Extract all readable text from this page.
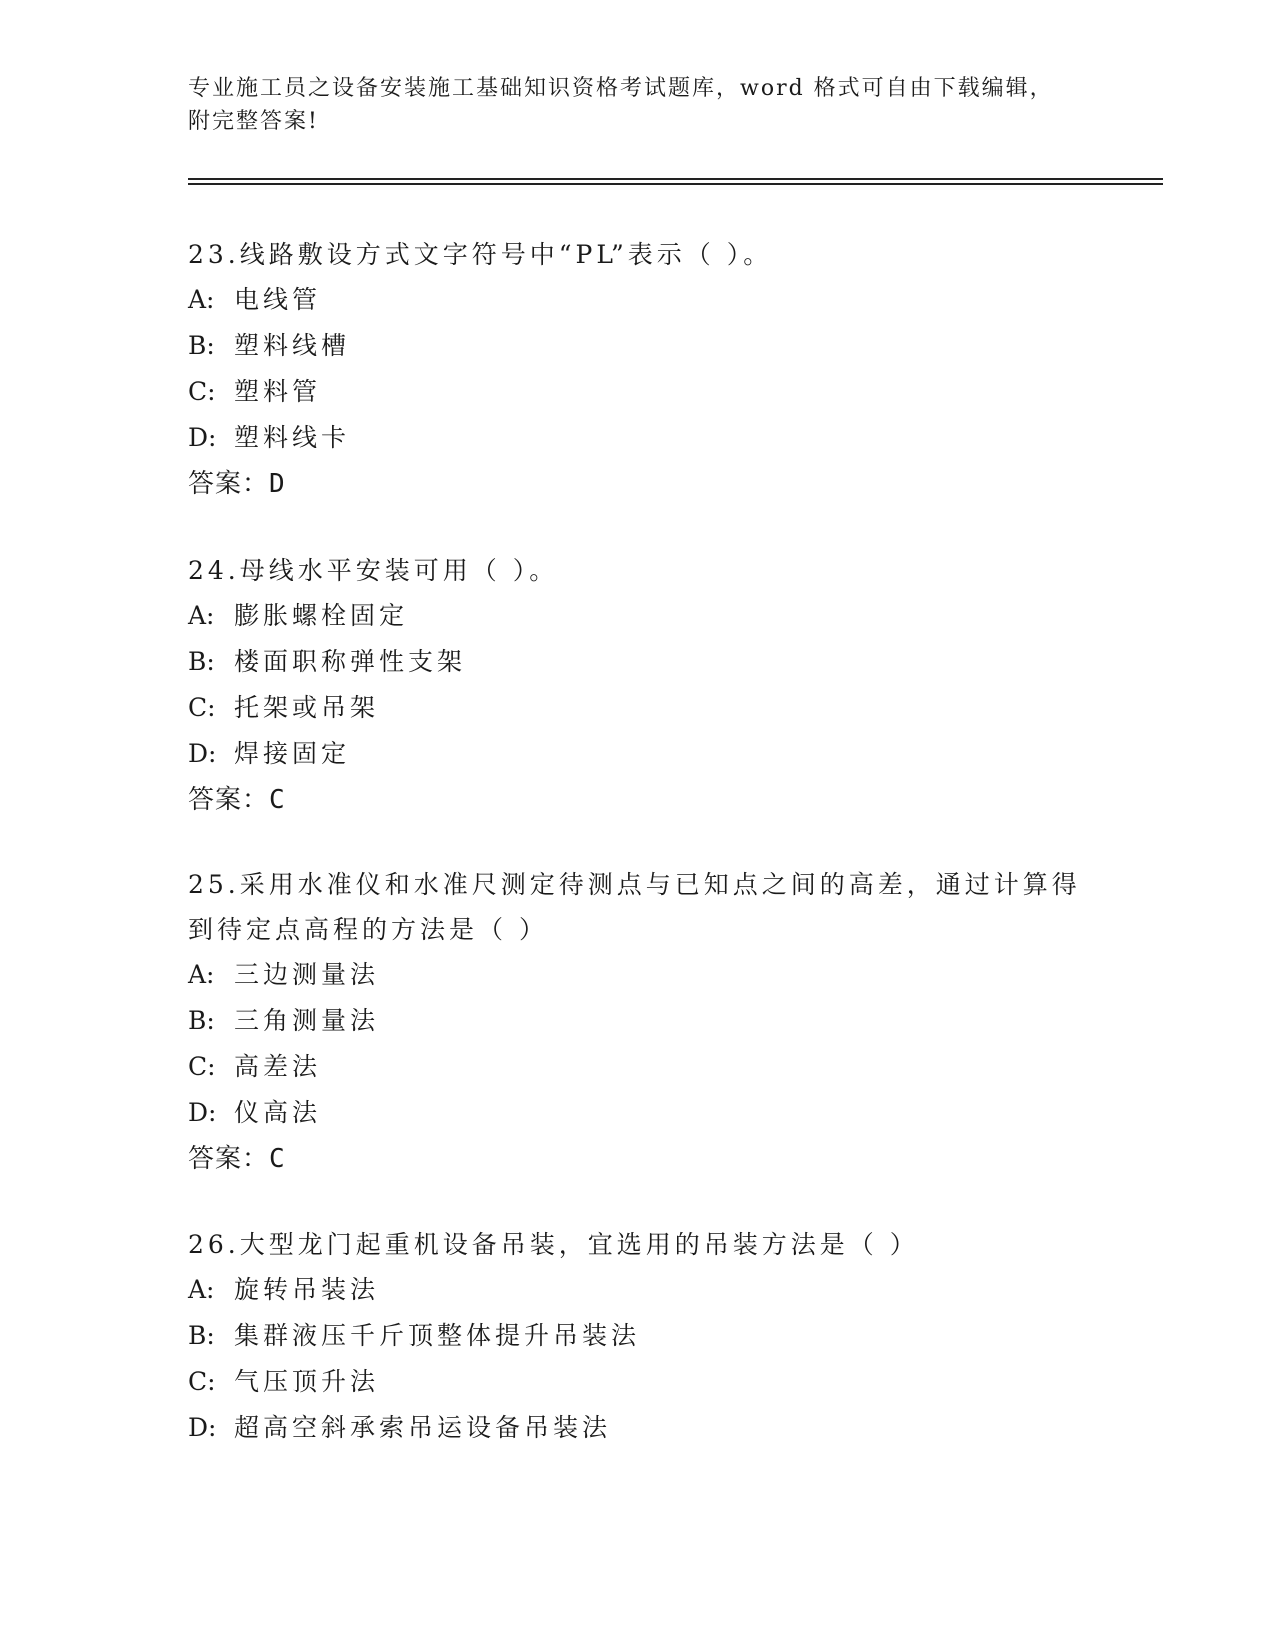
专业施工员之设备安装施工基础知识资格考试题库，word 格式可自由下载编辑，
附完整答案!

23.线路敷设方式文字符号中“PL”表示（ ）。

A: 电线管
B: 塑料线槽
C: 塑料管
D: 塑料线卡
答案：D

24.母线水平安装可用（ ）。

A: 膨胀螺栓固定
B: 楼面职称弹性支架
C: 托架或吊架
D: 焊接固定
答案：C

25.采用水准仪和水准尺测定待测点与已知点之间的高差，通过计算得
到待定点高程的方法是（ ）

A: 三边测量法
B: 三角测量法
C: 高差法
D: 仪高法
答案：C

26.大型龙门起重机设备吊装，宜选用的吊装方法是（ ）

A: 旋转吊装法
B: 集群液压千斤顶整体提升吊装法
C: 气压顶升法
D: 超高空斜承索吊运设备吊装法
